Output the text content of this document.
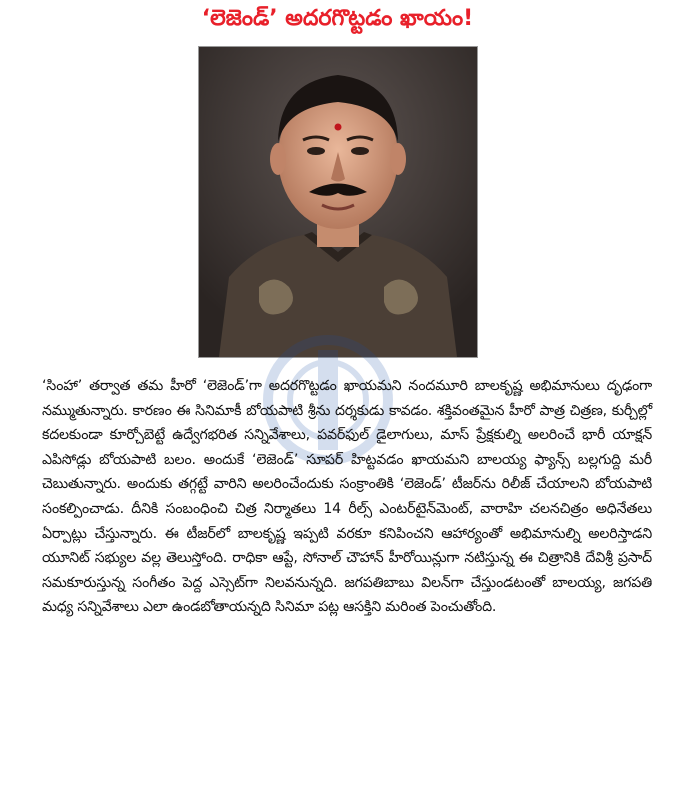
‘లెజెండ్’ అదరగొట్టడం ఖాయం!
‘సింహా’ తర్వాత తమ హీరో ‘లెజెండ్’గా అదరగొట్టడం ఖాయమని నందమూరి బాలకృష్ణ అభిమానులు దృఢంగా నమ్ముతున్నారు. కారణం ఈ సినిమాకీ బోయపాటి శ్రీను దర్శకుడు కావడం. శక్తివంతమైన హీరో పాత్ర చిత్రణ, కుర్చీల్లో కదలకుండా కూర్చోబెట్టే ఉద్వేగభరిత సన్నివేశాలు, పవర్‌ఫుల్ డైలాగులు, మాస్ ప్రేక్షకుల్ని అలరించే భారీ యాక్షన్ ఎపిసోడ్లు బోయపాటి బలం. అందుకే ‘లెజెండ్’ సూపర్ హిట్టవడం ఖాయమని బాలయ్య ఫ్యాన్స్ బల్లగుద్ది మరీ చెబుతున్నారు. అందుకు తగ్గట్టే వారిని అలరించేందుకు సంక్రాంతికి ‘లెజెండ్’ టీజర్‌ను రిలీజ్ చేయాలని బోయపాటి సంకల్పించాడు. దీనికి సంబంధించి చిత్ర నిర్మాతలు 14 రీల్స్ ఎంటర్‌టైన్‌మెంట్, వారాహి చలనచిత్రం అధినేతలు ఏర్పాట్లు చేస్తున్నారు. ఈ టీజర్‌లో బాలకృష్ణ ఇప్పటి వరకూ కనిపించని ఆహార్యంతో అభిమానుల్ని అలరిస్తాడని యూనిట్ సభ్యుల వల్ల తెలుస్తోంది. రాధికా ఆప్టే, సోనాల్ చౌహాన్ హీరోయిన్లుగా నటిస్తున్న ఈ చిత్రానికి దేవిశ్రీ ప్రసాద్ సమకూరుస్తున్న సంగీతం పెద్ద ఎస్సెట్‌గా నిలవనున్నది. జగపతిబాబు విలన్‌గా చేస్తుండటంతో బాలయ్య, జగపతి మధ్య సన్నివేశాలు ఎలా ఉండబోతాయన్నది సినిమా పట్ల ఆసక్తిని మరింత పెంచుతోంది.
